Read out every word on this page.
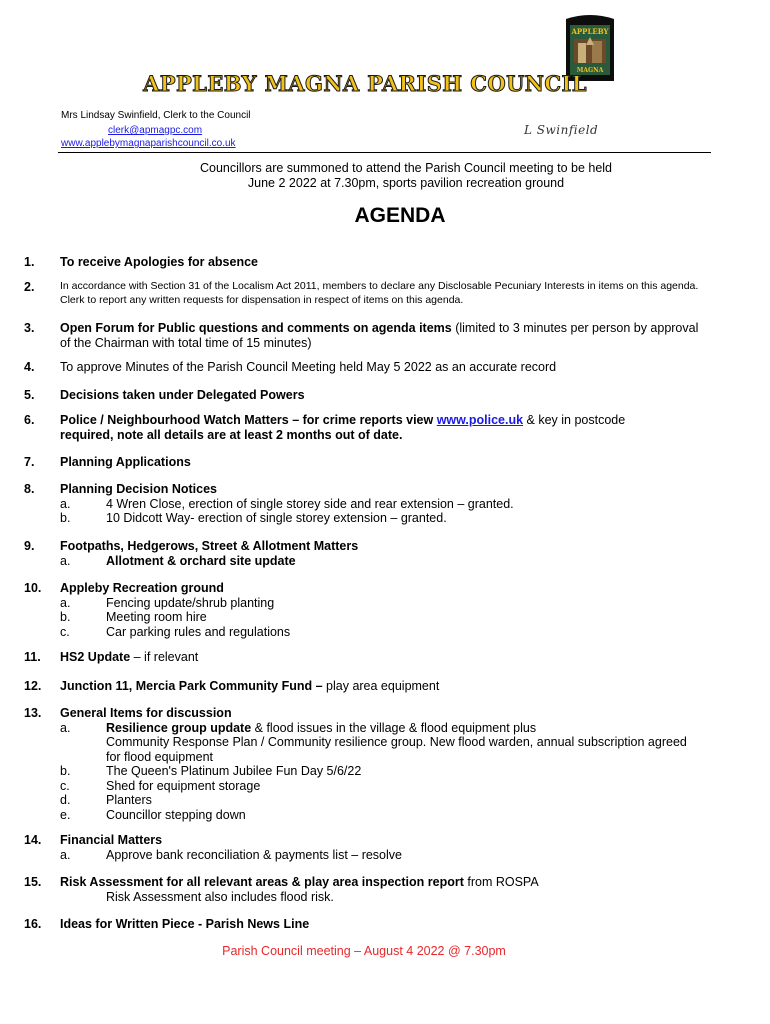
APPLEBY
MAGNA
APPLEBY MAGNA PARISH COUNCIL
Mrs Lindsay Swinfield, Clerk to the Council
clerk@apmagpc.com
www.applebymagnaparishcouncil.co.uk
L Swinfield
Councillors are summoned to attend the Parish Council meeting to be held
June 2 2022 at 7.30pm, sports pavilion recreation ground
AGENDA
1. To receive Apologies for absence
2. In accordance with Section 31 of the Localism Act 2011, members to declare any Disclosable Pecuniary Interests in items on this agenda. Clerk to report any written requests for dispensation in respect of items on this agenda.
3. Open Forum for Public questions and comments on agenda items (limited to 3 minutes per person by approval of the Chairman with total time of 15 minutes)
4. To approve Minutes of the Parish Council Meeting held May 5 2022 as an accurate record
5. Decisions taken under Delegated Powers
6. Police / Neighbourhood Watch Matters – for crime reports view www.police.uk & key in postcode
required, note all details are at least 2 months out of date.
7. Planning Applications
8. Planning Decision Notices
a.	4 Wren Close, erection of single storey side and rear extension – granted.
b.	10 Didcott Way- erection of single storey extension – granted.
9. Footpaths, Hedgerows, Street & Allotment Matters
a.	Allotment & orchard site update
10. Appleby Recreation ground
a.	Fencing update/shrub planting
b.	Meeting room hire
c.	Car parking rules and regulations
11. HS2 Update – if relevant
12. Junction 11, Mercia Park Community Fund – play area equipment
13. General Items for discussion
a.	Resilience group update & flood issues in the village & flood equipment plus
Community Response Plan / Community resilience group. New flood warden, annual subscription agreed for flood equipment
b.	The Queen's Platinum Jubilee Fun Day 5/6/22
c.	Shed for equipment storage
d.	Planters
e.	Councillor stepping down
14. Financial Matters
a.	Approve bank reconciliation & payments list – resolve
15. Risk Assessment for all relevant areas & play area inspection report from ROSPA
Risk Assessment also includes flood risk.
16. Ideas for Written Piece - Parish News Line
Parish Council meeting – August 4 2022 @ 7.30pm
